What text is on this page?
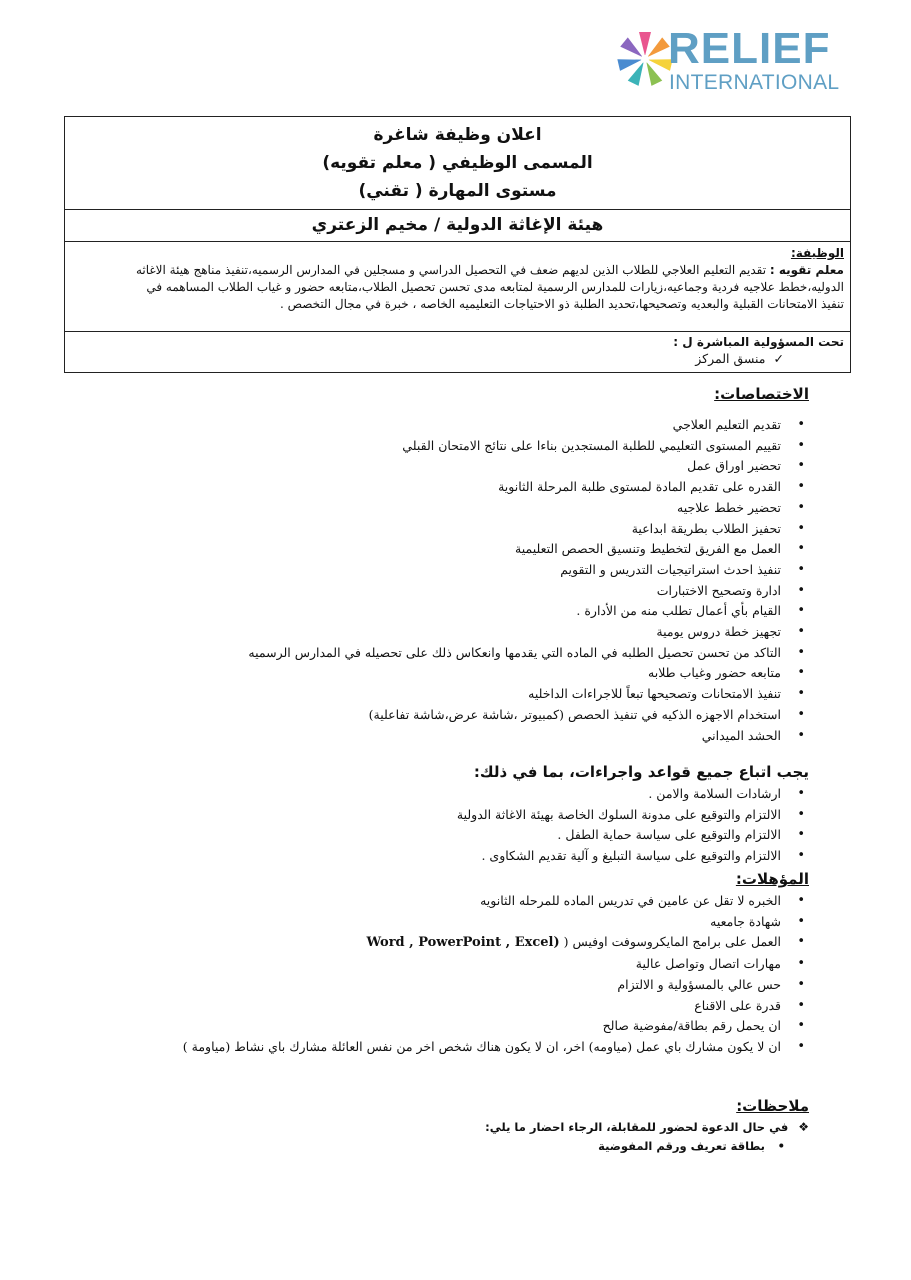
RELIEF
INTERNATIONAL
اعلان وظيفة شاغرة
المسمى الوظيفي ( معلم تقويه)
مستوى المهارة ( تقني)
هيئة الإغاثة الدولية / مخيم الزعتري
الوظيفة:
معلم تقويه : تقديم التعليم العلاجي للطلاب الذين لديهم ضعف في التحصيل الدراسي و مسجلين في المدارس الرسميه،تنفيذ مناهج هيئة الاغاثه
الدوليه،خطط علاجيه فردية وجماعيه،زيارات للمدارس الرسمية لمتابعه مدى تحسن تحصيل الطلاب،متابعه حضور و غياب الطلاب المساهمه في
تنفيذ الامتحانات القبلية والبعديه وتصحيحها،تحديد الطلبة ذو الاحتياجات التعليميه الخاصه ، خبرة في مجال التخصص .
تحت المسؤولية المباشرة ل :
✓منسق المركز
الاختصاصات:
• تقديم التعليم العلاجي
• تقييم المستوى التعليمي للطلبة المستجدين بناءا على نتائج الامتحان القبلي
• تحضير اوراق عمل
• القدره على تقديم المادة لمستوى طلبة المرحلة الثانوية
• تحضير خطط علاجيه
• تحفيز الطلاب بطريقة ابداعية
• العمل مع الفريق لتخطيط وتنسيق الحصص التعليمية
• تنفيذ احدث استراتيجيات التدريس و التقويم
• ادارة وتصحيح الاختبارات
• القيام بأي أعمال تطلب منه من الأدارة .
• تجهيز خطة دروس يومية
• التاكد من تحسن تحصيل الطلبه في الماده التي يقدمها وانعكاس ذلك على تحصيله في المدارس الرسميه
• متابعه حضور وغياب طلابه
• تنفيذ الامتحانات وتصحيحها تبعاً للاجراءات الداخليه
• استخدام الاجهزه الذكيه في تنفيذ الحصص (كمبيوتر ،شاشة عرض،شاشة تفاعلية)
• الحشد الميداني
يجب اتباع جميع قواعد واجراءات، بما في ذلك:
• ارشادات السلامة والامن .
• الالتزام والتوقيع على مدونة السلوك الخاصة بهيئة الاغاثة الدولية
• الالتزام والتوقيع على سياسة حماية الطفل .
• الالتزام والتوقيع على سياسة التبليغ و آلية تقديم الشكاوى .
المؤهلات:
• الخبره لا تقل عن عامين في تدريس الماده للمرحله الثانويه
• شهادة جامعيه
• العمل على برامج المايكروسوفت اوفيس ( Word , PowerPoint , Excel)
• مهارات اتصال وتواصل عالية
• حس عالي بالمسؤولية و الالتزام
• قدرة على الاقناع
• ان يحمل رقم بطاقة/مفوضية صالح
• ان لا يكون مشارك باي عمل (مياومه) اخر، ان لا يكون هناك شخص اخر من نفس العائلة مشارك باي نشاط (مياومة )
ملاحظات:
❖في حال الدعوة لحضور للمقابلة، الرجاء احضار ما يلي:
• بطاقة تعريف ورقم المفوضية
